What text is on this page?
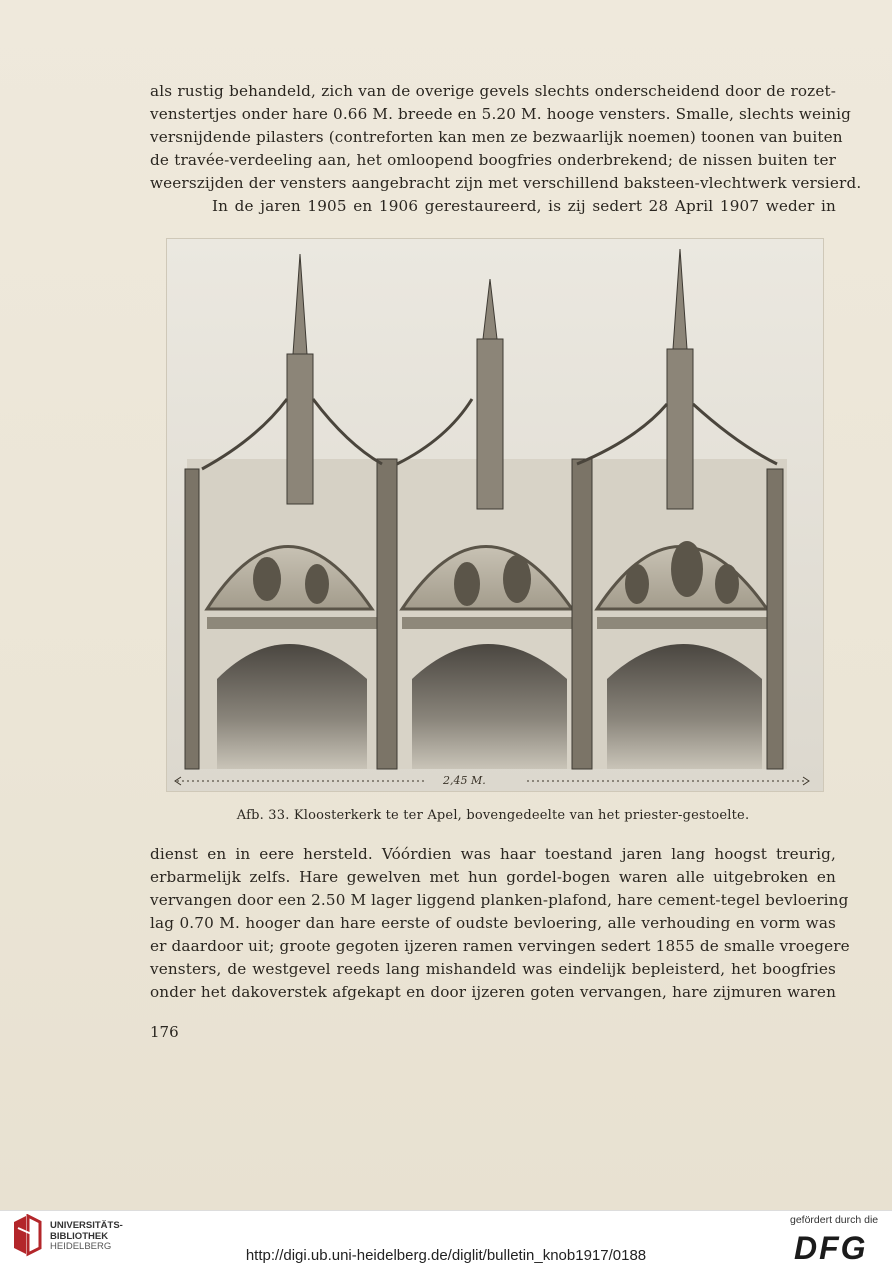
als rustig behandeld, zich van de overige gevels slechts onderscheidend door de rozet-
venstertjes onder hare 0.66 M. breede en 5.20 M. hooge vensters. Smalle, slechts weinig
versnijdende pilasters (contreforten kan men ze bezwaarlijk noemen) toonen van buiten
de travée-verdeeling aan, het omloopend boogfries onderbrekend; de nissen buiten ter
weerszijden der vensters aangebracht zijn met verschillend baksteen-vlechtwerk versierd.
In de jaren 1905 en 1906 gerestaureerd, is zij sedert 28 April 1907 weder in
2,45 M.
Afb. 33. Kloosterkerk te ter Apel, bovengedeelte van het priester-gestoelte.
dienst en in eere hersteld. Vóórdien was haar toestand jaren lang hoogst treurig,
erbarmelijk zelfs. Hare gewelven met hun gordel-bogen waren alle uitgebroken en
vervangen door een 2.50 M lager liggend planken-plafond, hare cement-tegel bevloering
lag 0.70 M. hooger dan hare eerste of oudste bevloering, alle verhouding en vorm was
er daardoor uit; groote gegoten ijzeren ramen vervingen sedert 1855 de smalle vroegere
vensters, de westgevel reeds lang mishandeld was eindelijk bepleisterd, het boogfries
onder het dakoverstek afgekapt en door ijzeren goten vervangen, hare zijmuren waren
176
UNIVERSITÄTS-
BIBLIOTHEK
HEIDELBERG
http://digi.ub.uni-heidelberg.de/diglit/bulletin_knob1917/0188
gefördert durch die
DFG
